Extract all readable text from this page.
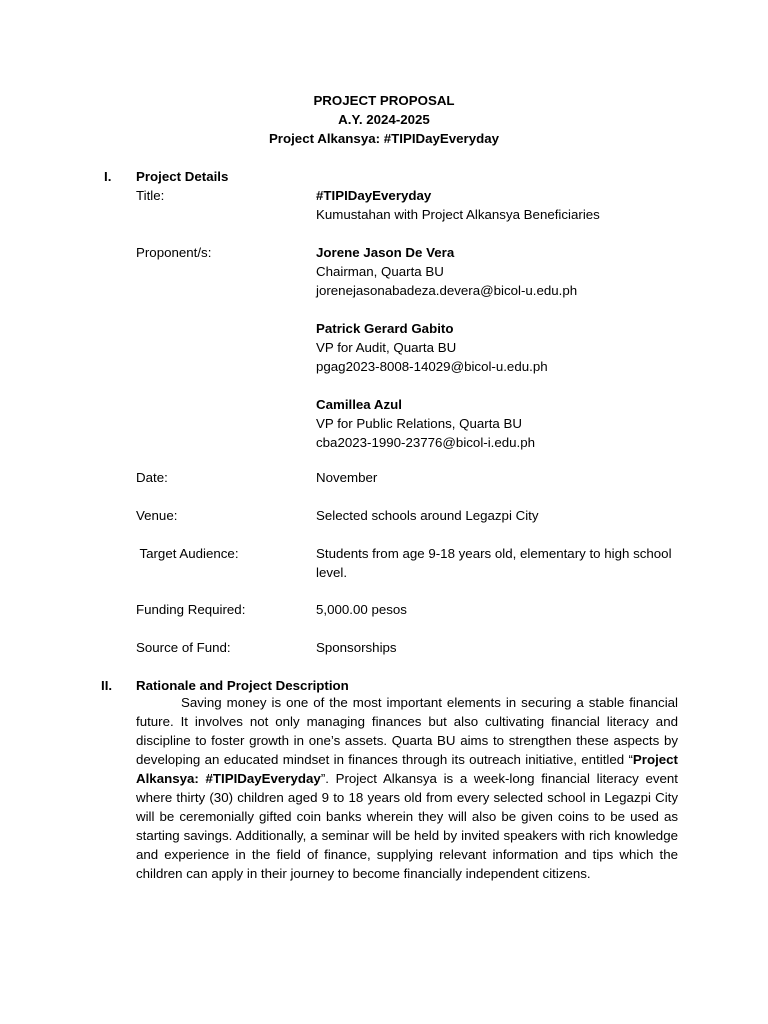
PROJECT PROPOSAL
A.Y. 2024-2025
Project Alkansya: #TIPIDayEveryday
I. Project Details
Title:	#TIPIDayEveryday
Kumustahan with Project Alkansya Beneficiaries
Proponent/s:	Jorene Jason De Vera
Chairman, Quarta BU
jorenejasonabadeza.devera@bicol-u.edu.ph
Patrick Gerard Gabito
VP for Audit, Quarta BU
pgag2023-8008-14029@bicol-u.edu.ph
Camillea Azul
VP for Public Relations, Quarta BU
cba2023-1990-23776@bicol-i.edu.ph
Date:	November
Venue:	Selected schools around Legazpi City
Target Audience:	Students from age 9-18 years old, elementary to high school level.
Funding Required:	5,000.00 pesos
Source of Fund:	Sponsorships
II. Rationale and Project Description

Saving money is one of the most important elements in securing a stable financial future. It involves not only managing finances but also cultivating financial literacy and discipline to foster growth in one’s assets. Quarta BU aims to strengthen these aspects by developing an educated mindset in finances through its outreach initiative, entitled “Project Alkansya: #TIPIDayEveryday”. Project Alkansya is a week-long financial literacy event where thirty (30) children aged 9 to 18 years old from every selected school in Legazpi City will be ceremonially gifted coin banks wherein they will also be given coins to be used as starting savings. Additionally, a seminar will be held by invited speakers with rich knowledge and experience in the field of finance, supplying relevant information and tips which the children can apply in their journey to become financially independent citizens.
